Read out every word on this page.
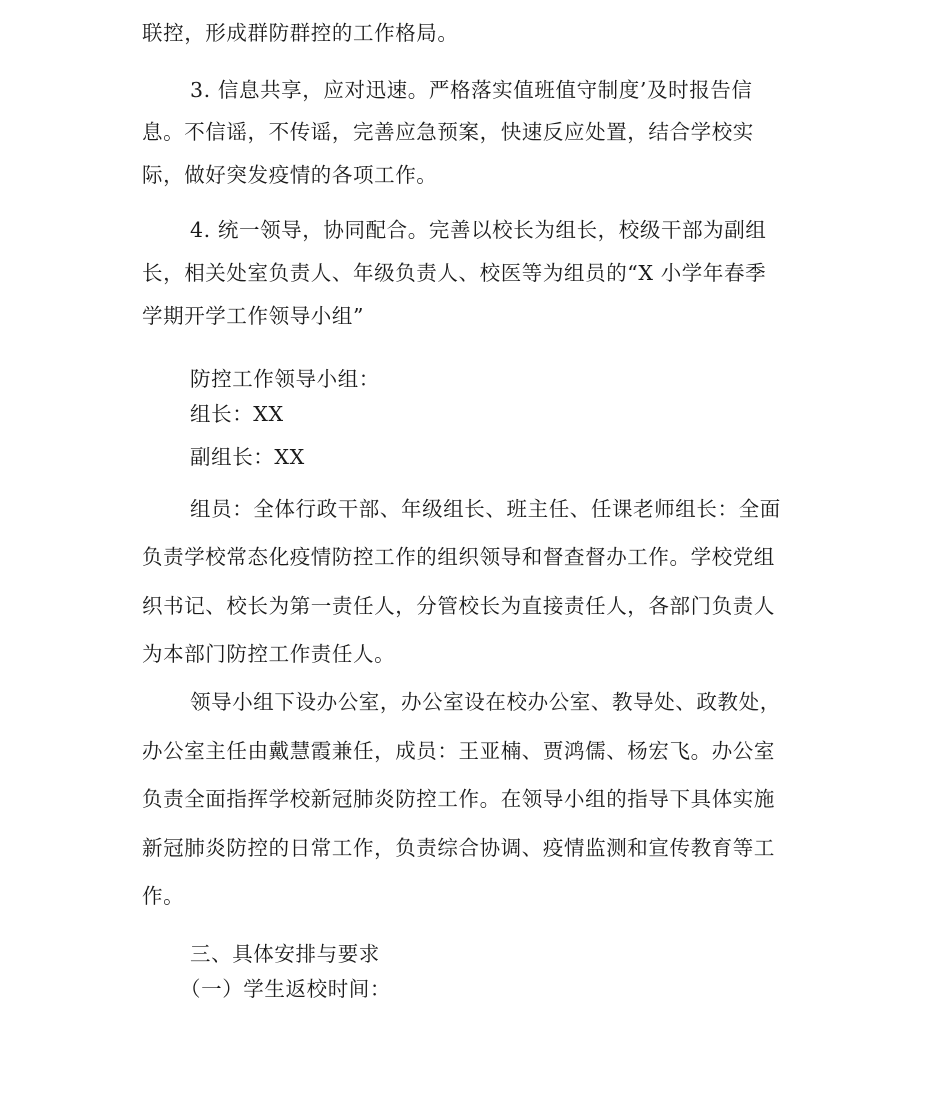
联控，形成群防群控的工作格局。
3. 信息共享，应对迅速。严格落实值班值守制度’及时报告信
息。不信谣，不传谣，完善应急预案，快速反应处置，结合学校实
际，做好突发疫情的各项工作。
4. 统一领导，协同配合。完善以校长为组长，校级干部为副组
长，相关处室负责人、年级负责人、校医等为组员的“X 小学年春季
学期开学工作领导小组”
防控工作领导小组：
组长：XX
副组长：XX
组员：全体行政干部、年级组长、班主任、任课老师组长：全面
负责学校常态化疫情防控工作的组织领导和督查督办工作。学校党组
织书记、校长为第一责任人，分管校长为直接责任人，各部门负责人
为本部门防控工作责任人。
领导小组下设办公室，办公室设在校办公室、教导处、政教处，
办公室主任由戴慧霞兼任，成员：王亚楠、贾鸿儒、杨宏飞。办公室
负责全面指挥学校新冠肺炎防控工作。在领导小组的指导下具体实施
新冠肺炎防控的日常工作，负责综合协调、疫情监测和宣传教育等工
作。
三、具体安排与要求
（一）学生返校时间：
